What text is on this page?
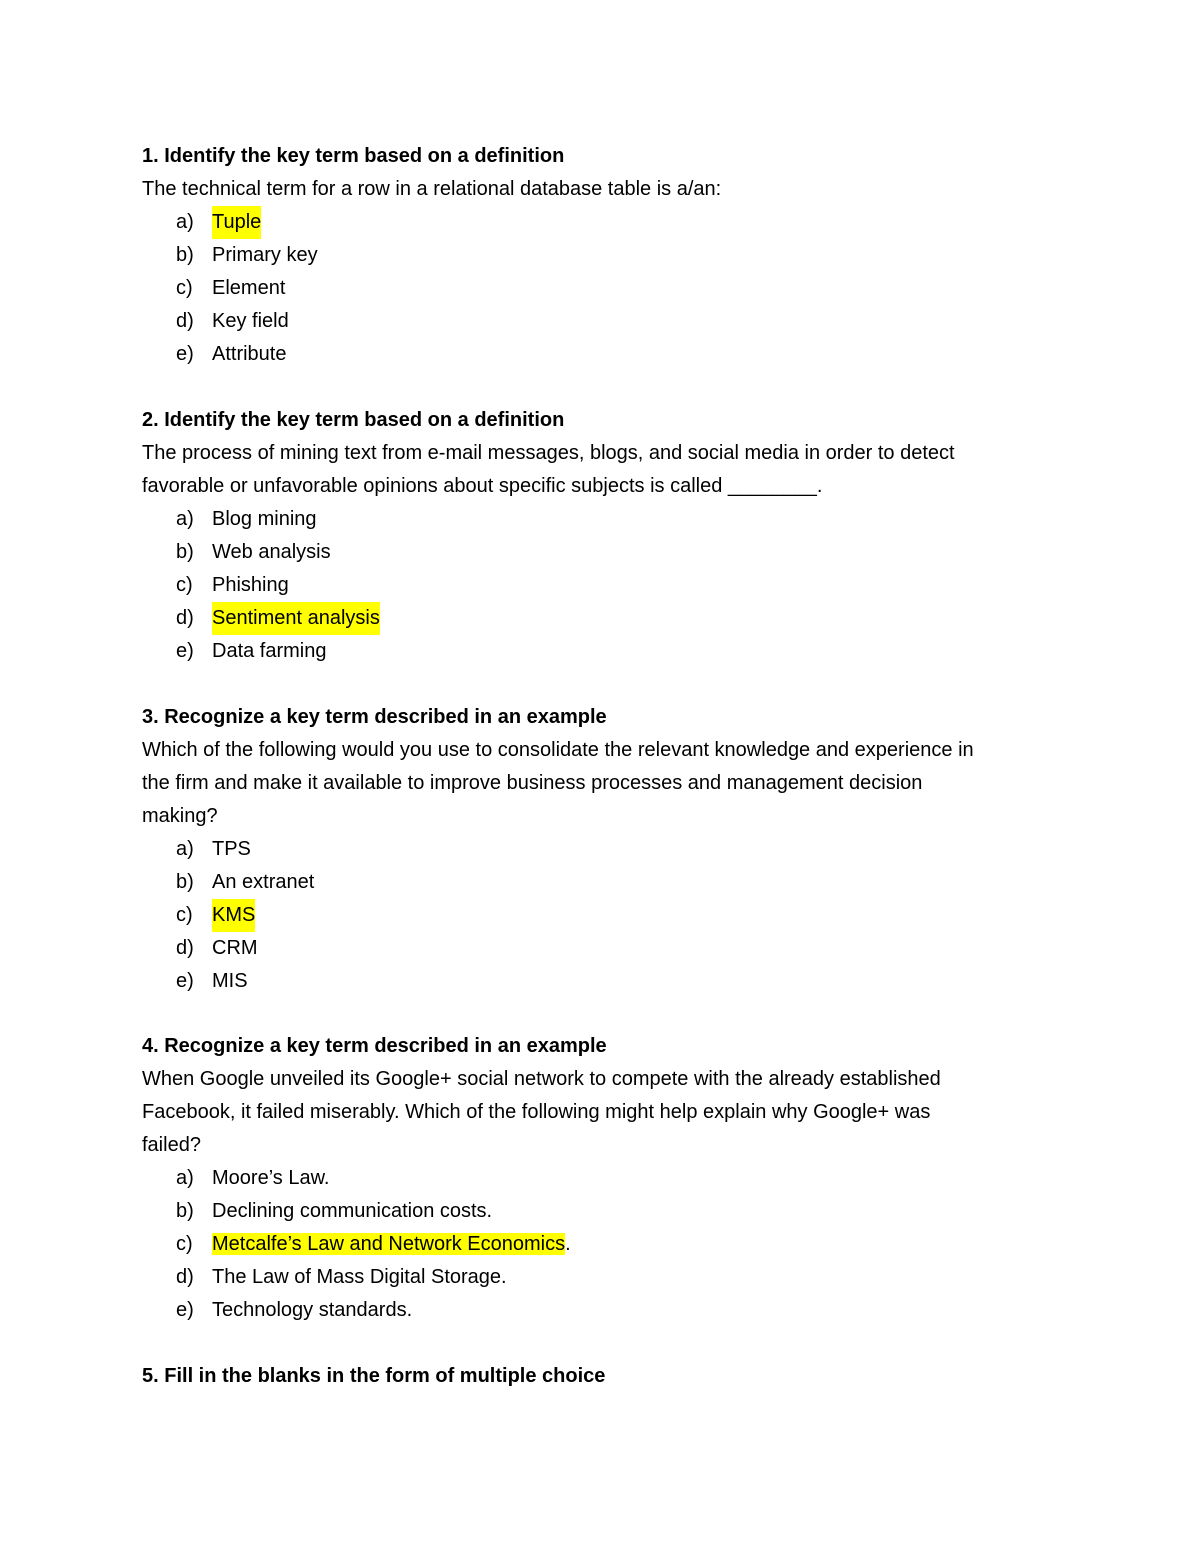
1. Identify the key term based on a definition

The technical term for a row in a relational database table is a/an:

a) Tuple
b) Primary key
c) Element
d) Key field
e) Attribute
2. Identify the key term based on a definition

The process of mining text from e-mail messages, blogs, and social media in order to detect
favorable or unfavorable opinions about specific subjects is called ________.

a) Blog mining
b) Web analysis
c) Phishing
d) Sentiment analysis
e) Data farming
3. Recognize a key term described in an example

Which of the following would you use to consolidate the relevant knowledge and experience in
the firm and make it available to improve business processes and management decision
making?

a) TPS
b) An extranet
c) KMS
d) CRM
e) MIS
4. Recognize a key term described in an example

When Google unveiled its Google+ social network to compete with the already established
Facebook, it failed miserably. Which of the following might help explain why Google+ was
failed?

a) Moore’s Law.
b) Declining communication costs.
c) Metcalfe’s Law and Network Economics.
d) The Law of Mass Digital Storage.
e) Technology standards.
5. Fill in the blanks in the form of multiple choice
